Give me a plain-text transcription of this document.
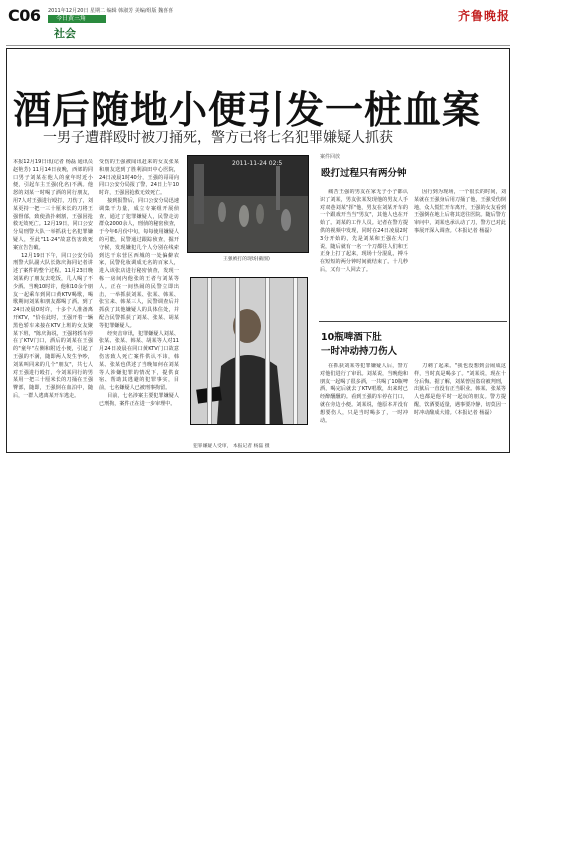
C06 2011年12月20日 星期二 编辑 韩淑芳 美编/组版 魏喜喜
今日黄三角
社会
齐鲁晚报
酒后随地小便引发一桩血案
一男子遭群殴时被刀捅死，警方已将七名犯罪嫌疑人抓获

本报12月19日讯(记者 杨磊 通讯员 赵艳芳) 11月14日夜晚，西郊的同口男子刘某在他人的童年时近小便，引起车主王强(化名)不满。他怒的刘某一时喝了酒的同行朋友，用7人对王强进行殴打，刀伤了，刘某更持一把一三十厘米长的刀将王强督郁，致使劲扑刺割，王强因抢救无效死亡。12月19日，同口公安分局刑警大队一举抓获七名犯罪嫌疑人，至此"11·24"故意伤害致死案宣告告破。

12月19日下午，同口公安分局刑警大队副大队长陈庆海同记者讲述了案件的整个过程。11月23日晚刘某约了朋友去吃饭，几人喝了不少酒。当晚10时许，他和10余个朋友一起乘车到同口黄KTV喝歌，喝歌期间刘某和朋友都喝了酒。到了24日凌晨0时许，十多个人准备离开KTV，"恰在此时，王强开着一辆黑色轿车来接在KTV上班的女友聚某下班，"陈庆海说，王强将轿车停在了KTV门口，酒后的刘某在王强的"童年"左侧和附近小便，引起了王强的不满，随即两人发生争吵，刘某叫同来的几个"朋友"，共七人对王强进行殴打，今刘某同行的男某用一把三十厘米长的刀捅在王强臀部，随即，王强倒在血泊中，随后，一群人逃离某开车逃走。

受伤的王强被闻讯赶来的女友张某和朋友送到了胜利油田中心医院，24日凌晨1时40分，王强的哥哥向同口公安分局报了警，24日上午10时许，王强因抢救无效死亡。

接到报警后，同口公安分局迅速调集干力量，成立专案组开展侦查，通过了犯罪嫌疑人，民警走访群众2000余人，刑侦的秘密侦查，于今年6月份中旬，每每使用嫌疑人的可能，民警通过跟踪侦查，掘开守候，发现嫌犯几个人分别在线索到达干东营区西城的一处偏僻农家，民警化妆调成无名的百家人，进入该张店进行秘密侦查，发现一栋一房间内他张的王者与刘某等人。正在一间热闹的民警立即出击，一举抓获刘某、张某、韩某、张宝来、韩某三人，民警调查后并抓获了其他嫌疑人的具体住处，并配合民警抓获了刘某、张某、胡某等犯罪嫌疑人。

经突击审讯，犯罪嫌疑人刘某、张某、张某、韩某、胡某等人对11月24日凌晨在同口黄KTV门口故意伤害致人死亡案件供认不讳，韩某、张某也供述了当晚如何在刘某等人涉嫌犯罪的情况下，提供食宿、帮助其逃避的犯罪事实，目前，七名嫌疑人已被刑事拘留。

目前，七名涉案主要犯罪嫌疑人已刑拘，案件正在进一步审理中。

2011-11-24 02:5
王强被打的现场(截图)
犯罪嫌疑人受审， 本报记者 杨磊 摄
案件回放
殴打过程只有两分钟

痛苦王强的男友在家无子小子都认识了刘某，男友张某发现他的男友人手对双巷刘某"挥"他，男友在刘某开车的一个跟戏开当当"男友"，其他人也在开始了。刘某的工作人员。记者在警方提供的视频中发现，同时在24日凌晨2时3分开始的，先是刘某和王强在大门说，随后就有一名一个刀都往人们和王正身上打了起来，现场十分混乱，搏斗在短短的两分钟时间就结束了。十几秒后，又有一人回去了。

因行到为现场，一个很长的时间，刘某就在王强身后用刀捅了他，王强受伤倒地，众人慌忙开车离开，王强的女友看到王强倒在地上后将其送往医院。随后警方审问中，刘某也承认动了刀，警方已对此事展开深入调查。（本报记者 杨磊）

10瓶啤酒下肚
一时冲动持刀伤人

在抓获刘某等犯罪嫌疑人后，警方对他们进行了审讯。刘某说，当晚他和朋友一起喝了很多酒，一共喝了10瓶啤酒，喝完后就去了KTV唱歌，出来时已经醉醺醺的。看到王强的车停在门口，就在旁边小便。刘某说，他原本并没有想要伤人，只是当时喝多了，一时冲动。

刀刺了起来。"我也没想到会闹成这样，当时真是喝多了。"刘某说，现在十分后悔。据了解，刘某曾因盗窃被判刑，出狱后一直没有正当职业。韩某、张某等人也都是他平时一起玩的朋友。警方提醒，饮酒要适量，遇事要冷静，切莫因一时冲动酿成大错。（本报记者 杨磊）
